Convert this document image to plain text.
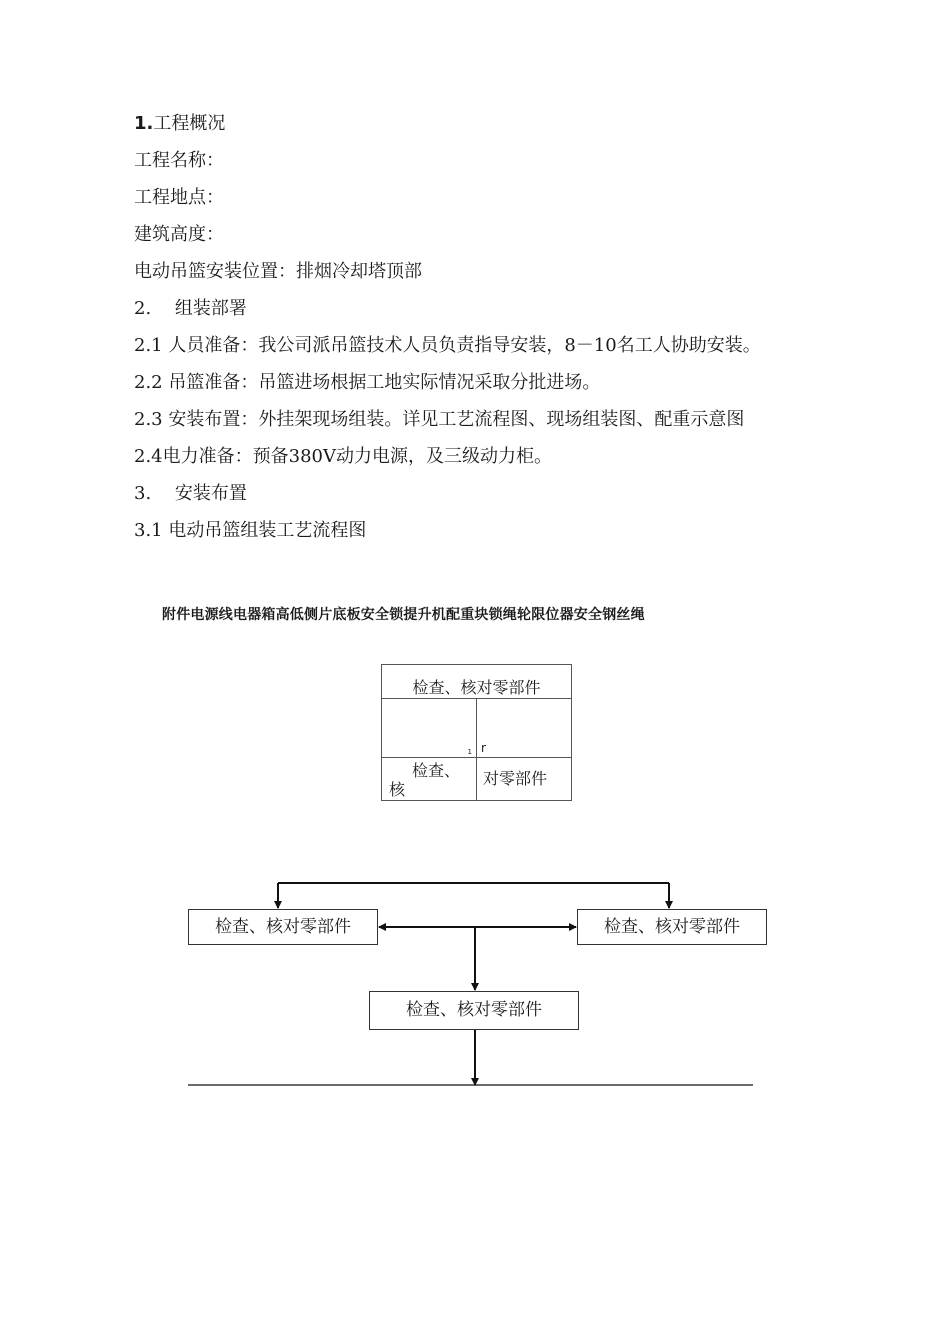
1.工程概况
工程名称：
工程地点：
建筑高度：
电动吊篮安装位置：排烟冷却塔顶部
2.　 组装部署
2.1 人员准备：我公司派吊篮技术人员负责指导安装，8－10名工人协助安装。
2.2 吊篮准备：吊篮进场根据工地实际情况采取分批进场。
2.3 安装布置：外挂架现场组装。详见工艺流程图、现场组装图、配重示意图
2.4电力准备：预备380V动力电源，及三级动力柜。
3.　 安装布置
3.1 电动吊篮组装工艺流程图
附件电源线电器箱高低侧片底板安全锁提升机配重块锁绳轮限位器安全钢丝绳
检查、核对零部件
1 r
检查、
核
对零部件
检查、核对零部件	检查、核对零部件
检查、核对零部件
